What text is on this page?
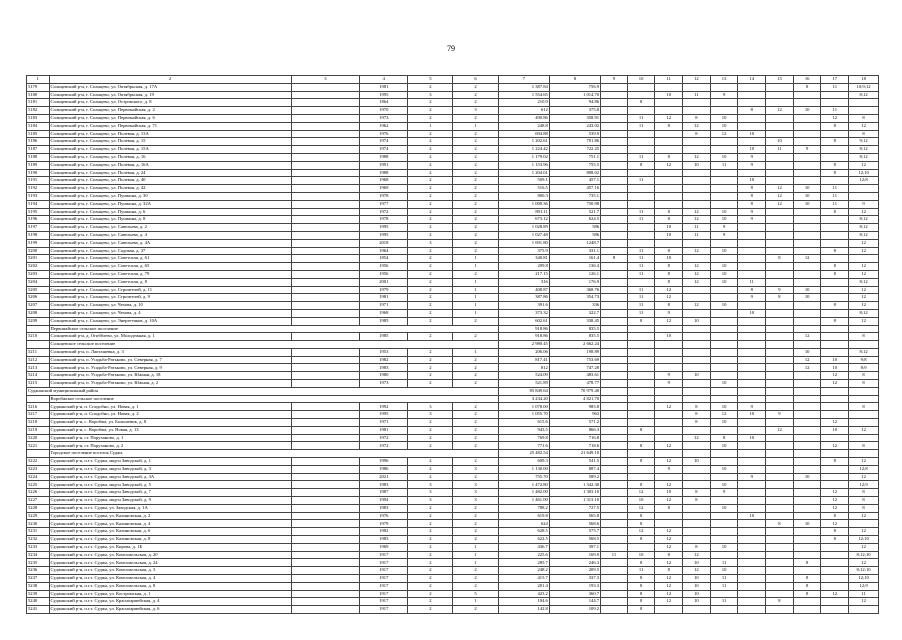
79
1	2	3	4	5	6	7	8	9	10	11	12	13	14	15	16	17	18
5179	Солнцевский р-н, г. Солнцево, ул. Октябрьская, д. 17А		1981	2	2	1 387.84	756.9								8	11	10;9;12
5180	Солнцевский р-н, г. Солнцево, ул. Октябрьская, д. 19		1995	3	2	1 554.65	1 014.70			10	11	9					8;12
5181	Солнцевский р-н, г. Солнцево, ул. Островского, д. 8		1864	2	2	210.9	94.86		8								
5182	Солнцевский р-н, г. Солнцево, ул. Первомайская, д. 2		1970	2	3	612	375.8						8	12	10	11	
5183	Солнцевский р-н, г. Солнцево, ул. Первомайская, д. 6		1973	2	2	490.86	358.91		11	12	8	10				12	8
5184	Солнцевский р-н, г. Солнцево, ул. Первомайская, д. 71		1962	1	1	248.8	243.02		11	8	12	10				8	12
5185	Солнцевский р-н, г. Солнцево, ул. Полевая, д. 13А		1976	2	2	694.88	539.9				8	12	10				8
5186	Солнцевский р-н, г. Солнцево, ул. Полевая, д. 15		1974	2	2	1 202.61	701.86							10		8	9;12
5187	Солнцевский р-н, г. Солнцево, ул. Полевая, д. 15А		1974	2	2	1 224.42	722.25						10	11	9		8;12
5188	Солнцевский р-н, г. Солнцево, ул. Полевая, д. 16		1988	2	2	1 179.02	751.1		11	8	12	10	9				8;12
5189	Солнцевский р-н, г. Солнцево, ул. Полевая, д. 16А		1991	2	2	1 153.96	755.5		8	12	10	11	9			8	12
5190	Солнцевский р-н, г. Солнцево, ул. Полевая, д. 24		1988	2	2	1 204.01	808.02									8	12;10
5191	Солнцевский р-н, г. Солнцево, ул. Полевая, д. 40		1968	2	2	509.1	457.1		11				10				12;8
5192	Солнцевский р-н, г. Солнцево, ул. Полевая, д. 42		1969	2	2	516.5	457.16						8	12	10	11	
5193	Солнцевский р-н, г. Солнцево, ул. Пушкина, д. 30		1978	2	2	800.3	735.1						8	12	10	11	
5194	Солнцевский р-н, г. Солнцево, ул. Пушкина, д. 32А		1977	2	2	1 000.36	750.98						8	12	10	11	9
5195	Солнцевский р-н, г. Солнцево, ул. Пушкина, д. 6		1972	2	2	891.11	521.7		11	8	12	10	9			8	12
5196	Солнцевский р-н, г. Солнцево, ул. Пушкина, д. 8		1978	2	2	673.12	624.5		11	8	12	10	9				8;12
5197	Солнцевский р-н, г. Солнцево, ул. Савельева, д. 2		1995	2	2	1 028.89	586			10	11	9					8;12
5198	Солнцевский р-н, г. Солнцево, ул. Савельева, д. 4		1995	2	2	1 027.48	586			10	11	9					8;12
5199	Солнцевский р-н, г. Солнцево, ул. Савельева, д. 4А		2018	3	2	1 691.80	1248.7										12
5200	Солнцевский р-н, г. Солнцево, ул. Садовая, д. 37		1964	2	2	375.9	331.1		11	8	12	10				8	12
5201	Солнцевский р-н, г. Солнцево, ул. Советская, д. 61		1854	2	1	340.81	161.4	8	11	10				8	12		
5202	Солнцевский р-н, г. Солнцево, ул. Советская, д. 65		1956	2	1	209.8	136.4		11	8	12	10				8	12
5203	Солнцевский р-н, г. Солнцево, ул. Советская, д. 79		1956	2	2	217.15	126.1		11	8	12	10				8	12
5204	Солнцевский р-н, г. Солнцево, ул. Советская, д. 8		2001	2	1	316	176.9			8	12	10	11				8;12
5205	Солнцевский р-н, г. Солнцево, ул. Строителей, д. 11		1979	2	1	408.87	368.76		11	12			8	9	10		12
5206	Солнцевский р-н, г. Солнцево, ул. Строителей, д. 9		1981	2	1	387.86	354.73		11	12			9	8	10		12
5207	Солнцевский р-н, г. Солнцево, ул. Чехова, д. 10		1971	2	1	391.6	336		11	8	12	10				8	12
5208	Солнцевский р-н, г. Солнцево, ул. Чехова, д. 4		1968	2	1	373.32	322.7		11	9			10				8;12
5209	Солнцевский р-н, г. Солнцево, ул. Энергетиков, д. 10А		1985	2	2	602.61	338.45		8	12	10					8	12
	Первомайское сельское поселение					918.86	835.5										
5210	Солнцевский р-н, д. Огибблево, ул. Молодежная, д. 1		1985	2	2	918.86	835.5			10					12		8
	Солнцевское сельское поселение					2 980.45	2 662.24										
5211	Солнцевский р-н, п. Лапташевка, д. 3		1953	2	1	206.06	198.89								10		8;12
5212	Солнцевский р-н, п. Усадьба-Ратьково, ул. Северная, д. 7		1982	2	2	817.41	753.69								12	10	9;8
5213	Солнцевский р-н, п. Усадьба-Ратьково, ул. Северная, д. 9		1983	2	2	812	747.28								12	10	8;9
5214	Солнцевский р-н, п. Усадьба-Ратьково, ул. Южная, д. 18		1980	2	2	524.09	483.61			9	10					12	8
5215	Солнцевский р-н, п. Усадьба-Ратьково, ул. Южная, д. 2		1973	2	2	521.89	478.77			9		10				12	8
Суджанский муниципальный район						85 849.64	70 979.40										
	Воробжское сельское поселение					3 234.20	4 821.70										
5216	Суджанский р-н, п. Сподобно, ул. Новая, д. 1		1992	3	2	1 078.00	985.8			12	8	10	9				8
5217	Суджанский р-н, п. Сподобно, ул. Новая, д. 2		1995	3	2	1 055.70	963				8	12	10	9			
5218	Суджанский р-н, с. Воробжа, ул. Большевик, д. 8		1971	2	2	615.6	571.2				8	10				12	
5219	Суджанский р-н, с. Воробжа, ул. Новая, д. 13		1981	2	2	943.5	866.3		8					12		10	12
5220	Суджанский р-н, ст. Поруханово, д. 1		1972	2	2	769.8	716.8				12	8	10				
5221	Суджанский р-н, ст. Поруханово, д. 2		1972	2	2	771.6	718.6		8	12		10				12	8
	Городское поселение поселок Суджа					25 482.54	21 649.10										
5222	Суджанский р-н, п.г.т. Суджа, мкр-н Заводской, д. 1		1996	2	2	609.3	541.5		8	12	10					8	12
5223	Суджанский р-н, п.г.т. Суджа, мкр-н Заводской, д. 3		1986	2	3	1 130.00	887.4			9		10					12;8
5224	Суджанский р-н, п.г.т. Суджа, мкр-н Заводской, д. 3А		2021	2	2	755.70	589.2						9		10		12
5225	Суджанский р-н, п.г.т. Суджа, мкр-н Заводской, д. 5		1983	3	3	1 472.80	1 342.30		8	12		10					12;9
5226	Суджанский р-н, п.г.т. Суджа, мкр-н Заводской, д. 7		1987	3	3	1 482.00	1 303.10		12	10	8	9				12	8
5227	Суджанский р-н, п.г.т. Суджа, мкр-н Заводской, д. 9		1994	3	3	1 461.00	1 313.10		10	12	8					12	8
5228	Суджанский р-н, п.г.т. Суджа, ул. Заводская, д. 1А		1983	2	2	788.2	727.5		12	8		10				12	8
5229	Суджанский р-н, п.г.т. Суджа, ул. Калиновская, д. 2		1976	2	2	619.8	565.8		8				10			8	12
5230	Суджанский р-н, п.г.т. Суджа, ул. Калиновская, д. 4		1979	2	2	624	568.6		8					8	10	12	
5231	Суджанский р-н, п.г.т. Суджа, ул. Калиновская, д. 6		1982	2	2	628.5	575.7		12	12						8	12
5232	Суджанский р-н, п.г.т. Суджа, ул. Калиновская, д. 8		1983	2	2	622.5	568.5		8	12						8	12;10
5233	Суджанский р-н, п.г.т. Суджа, ул. Кирова, д. 1Б		1969	2	1	436.7	397.1			12	8	10					12
5234	Суджанский р-н, п.г.т. Суджа, ул. Комсомольская, д. 20		1917	2	1	225.6	169.9	11	10	8	12						8;12;10
5235	Суджанский р-н, п.г.т. Суджа, ул. Комсомольская, д. 24		1917	2	1	285.7	246.3		8	12	10	11			8		12
5236	Суджанский р-н, п.г.т. Суджа, ул. Комсомольская, д. 3		1917	2	2	248.2	209.5		11	8	12	10					8;12;10
5237	Суджанский р-н, п.г.т. Суджа, ул. Комсомольская, д. 4		1917	2	2	415.7	337.3		8	12	10	11			8		12;10
5238	Суджанский р-н, п.г.т. Суджа, ул. Комсомольская, д. 8		1917	2	2	201.4	193.3		8	12	10	11			8		12;9
5239	Суджанский р-н, п.г.т. Суджа, ул. Костромская, д. 1		1917	2	5	423.2	360.7		8	12	10				8	12	11
5240	Суджанский р-н, п.г.т. Суджа, ул. Красноармейская, д. 4		1917	2	1	184.6	144.7		8	12	10	11		8			12
5241	Суджанский р-н, п.г.т. Суджа, ул. Красноармейская, д. 6		1917	2	2	142.8	109.2		8								
